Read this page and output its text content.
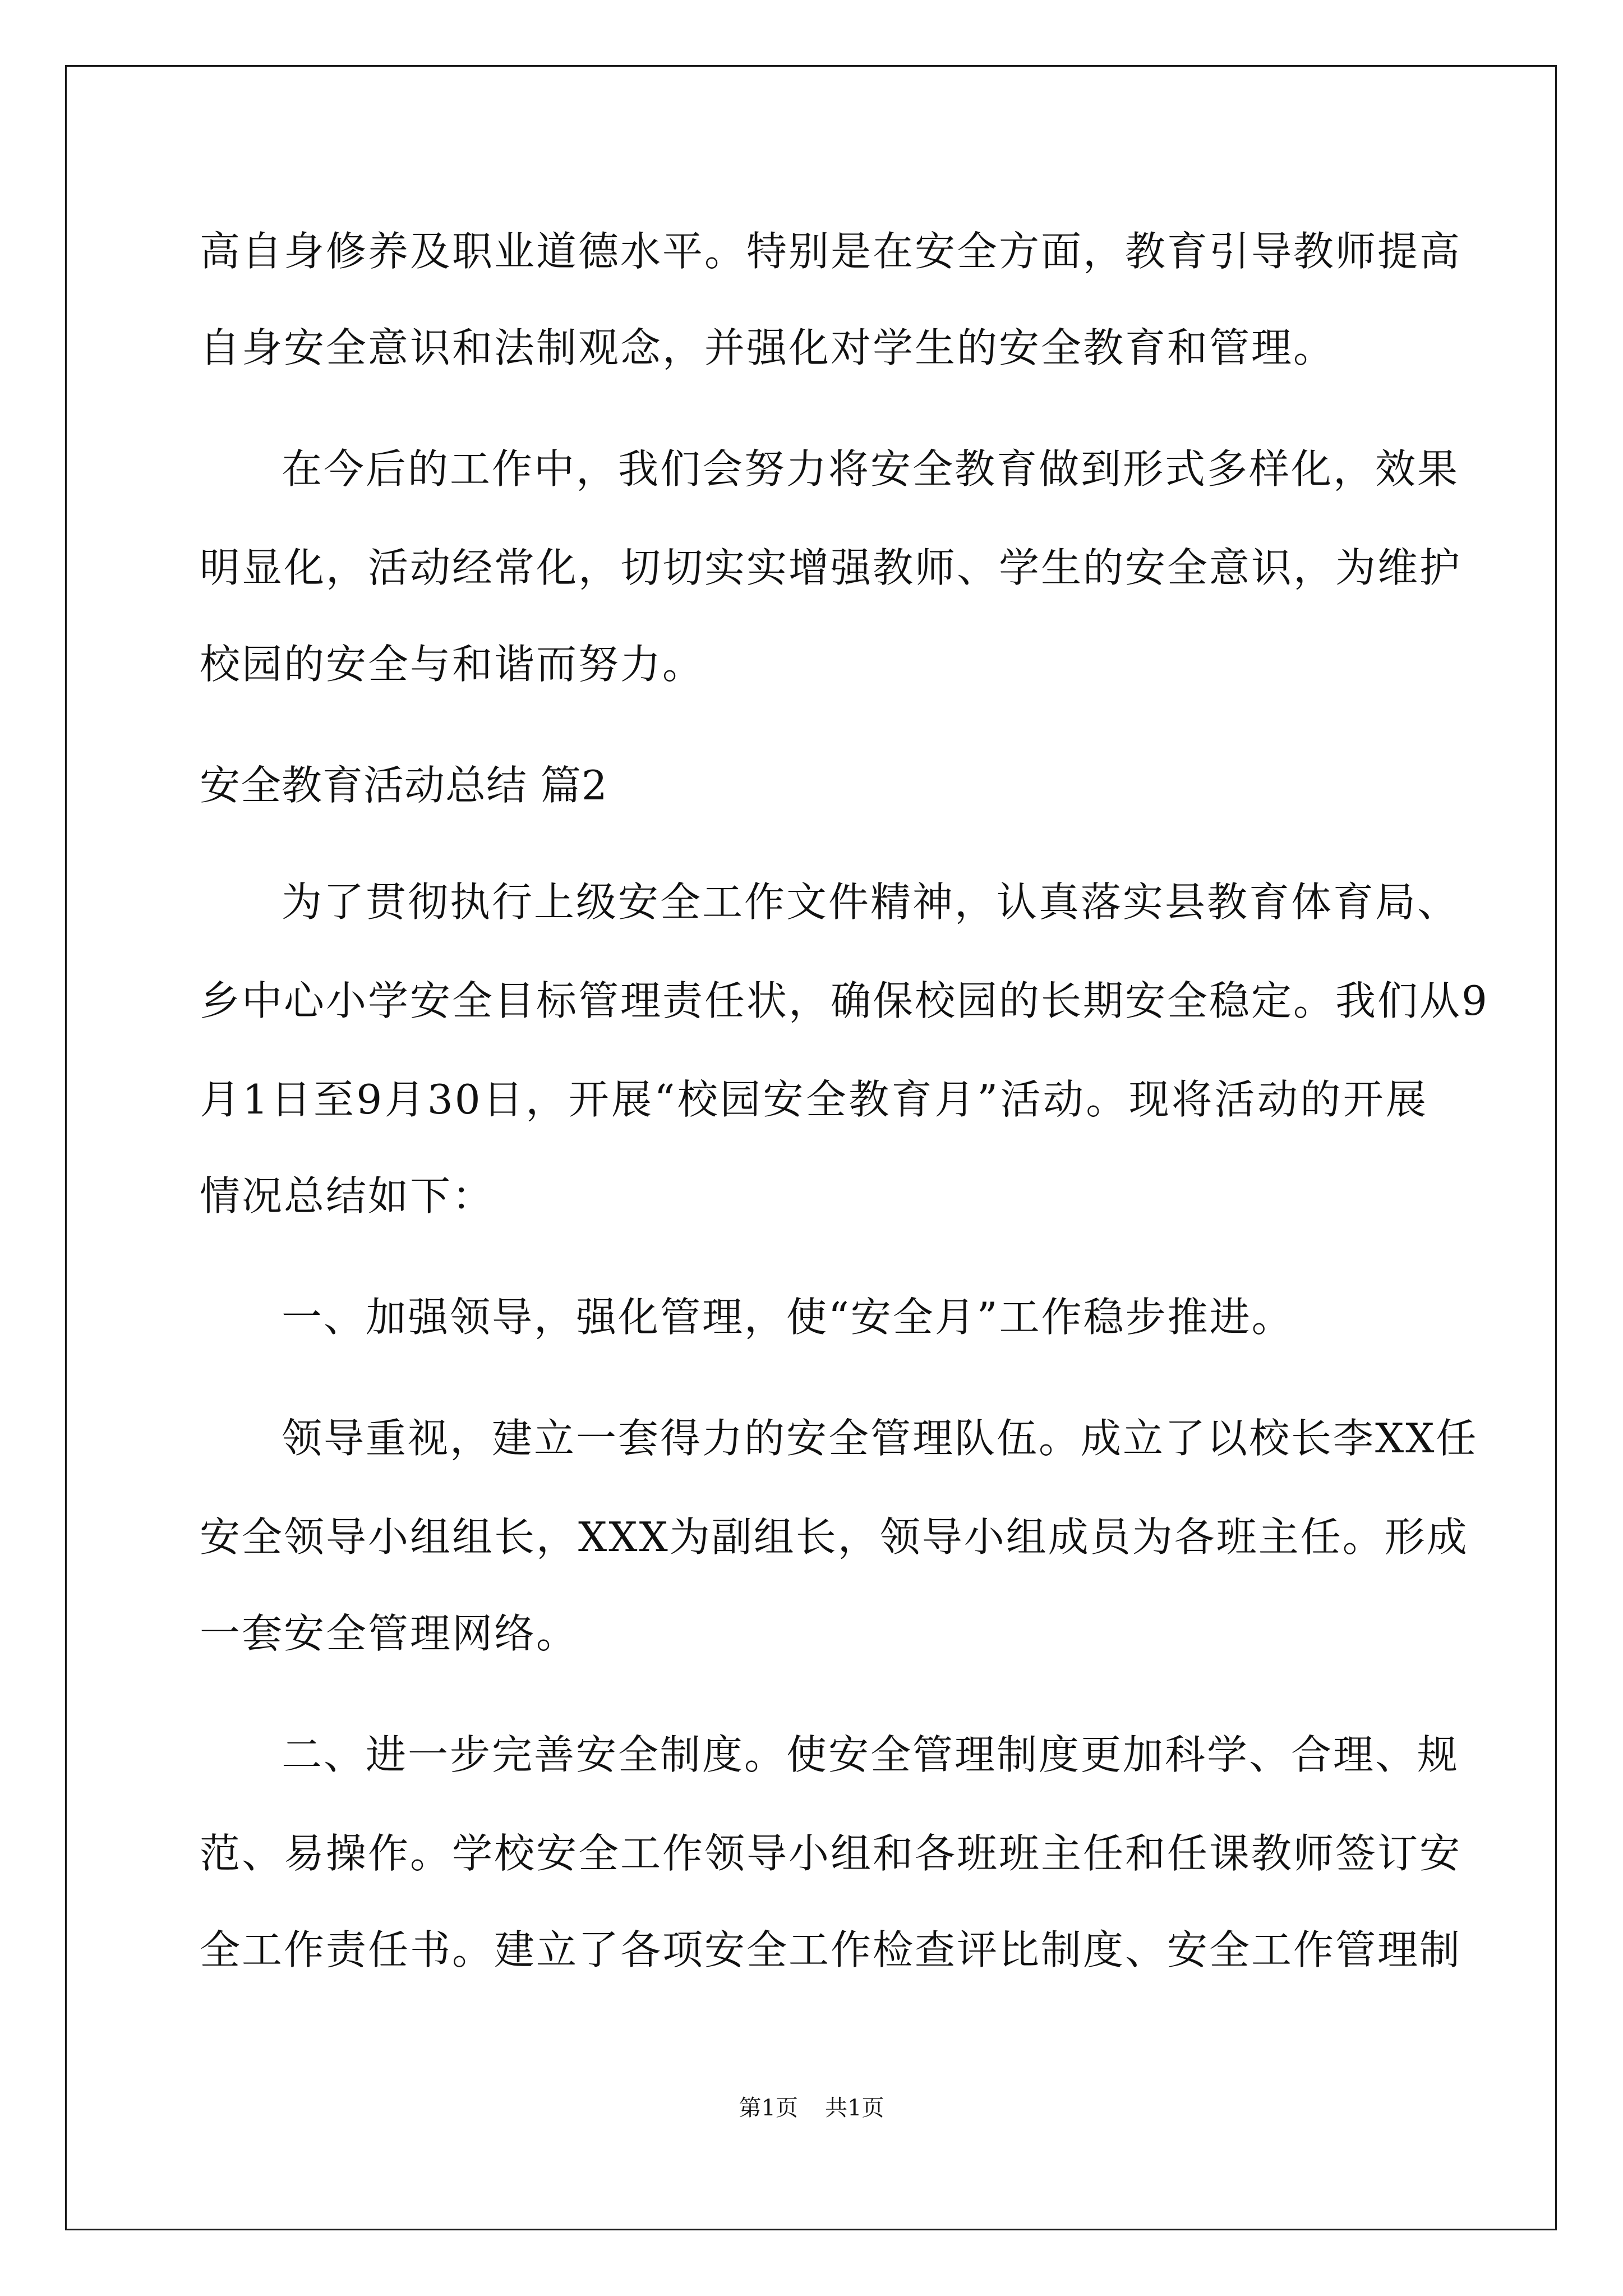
高自身修养及职业道德水平。特别是在安全方面，教育引导教师提高
自身安全意识和法制观念，并强化对学生的安全教育和管理。
在今后的工作中，我们会努力将安全教育做到形式多样化，效果
明显化，活动经常化，切切实实增强教师、学生的安全意识，为维护
校园的安全与和谐而努力。
安全教育活动总结 篇2
为了贯彻执行上级安全工作文件精神，认真落实县教育体育局、
乡中心小学安全目标管理责任状，确保校园的长期安全稳定。我们从9
月1日至9月30日，开展“校园安全教育月”活动。现将活动的开展
情况总结如下：
一、加强领导，强化管理，使“安全月”工作稳步推进。
领导重视，建立一套得力的安全管理队伍。成立了以校长李XX任
安全领导小组组长，XXX为副组长，领导小组成员为各班主任。形成
一套安全管理网络。
二、进一步完善安全制度。使安全管理制度更加科学、合理、规
范、易操作。学校安全工作领导小组和各班班主任和任课教师签订安
全工作责任书。建立了各项安全工作检查评比制度、安全工作管理制
第1页 共1页
